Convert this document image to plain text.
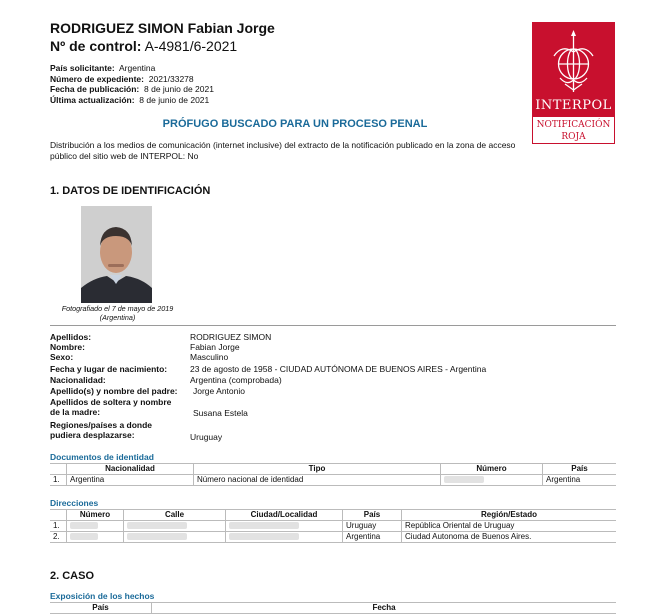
RODRIGUEZ SIMON Fabian Jorge
Nº de control: A-4981/6-2021
País solicitante: Argentina
Número de expediente: 2021/33278
Fecha de publicación: 8 de junio de 2021
Última actualización: 8 de junio de 2021	INTERPOL
NOTIFICACIÓN
ROJA
PRÓFUGO BUSCADO PARA UN PROCESO PENAL
Distribución a los medios de comunicación (internet inclusive) del extracto de la notificación publicado en la zona de acceso público del sitio web de INTERPOL: No
1. DATOS DE IDENTIFICACIÓN
Fotografiado el 7 de mayo de 2019
(Argentina)
Apellidos:	RODRIGUEZ SIMON
Nombre:	Fabian Jorge
Sexo:	Masculino
Fecha y lugar de nacimiento:	23 de agosto de 1958 - CIUDAD AUTÓNOMA DE BUENOS AIRES - Argentina
Nacionalidad:	Argentina (comprobada)
Apellido(s) y nombre del padre: Jorge Antonio
Apellidos de soltera y nombre
de la madre:	Susana Estela
Regiones/países a donde
pudiera desplazarse:	Uruguay
Documentos de identidad
	Nacionalidad	Tipo	Número	País
1.	Argentina	Número nacional de identidad		Argentina
Direcciones
	Número	Calle	Ciudad/Localidad	País	Región/Estado
1.				Uruguay	República Oriental de Uruguay
2.				Argentina	Ciudad Autonoma de Buenos Aires.
2. CASO
Exposición de los hechos
País	Fecha
